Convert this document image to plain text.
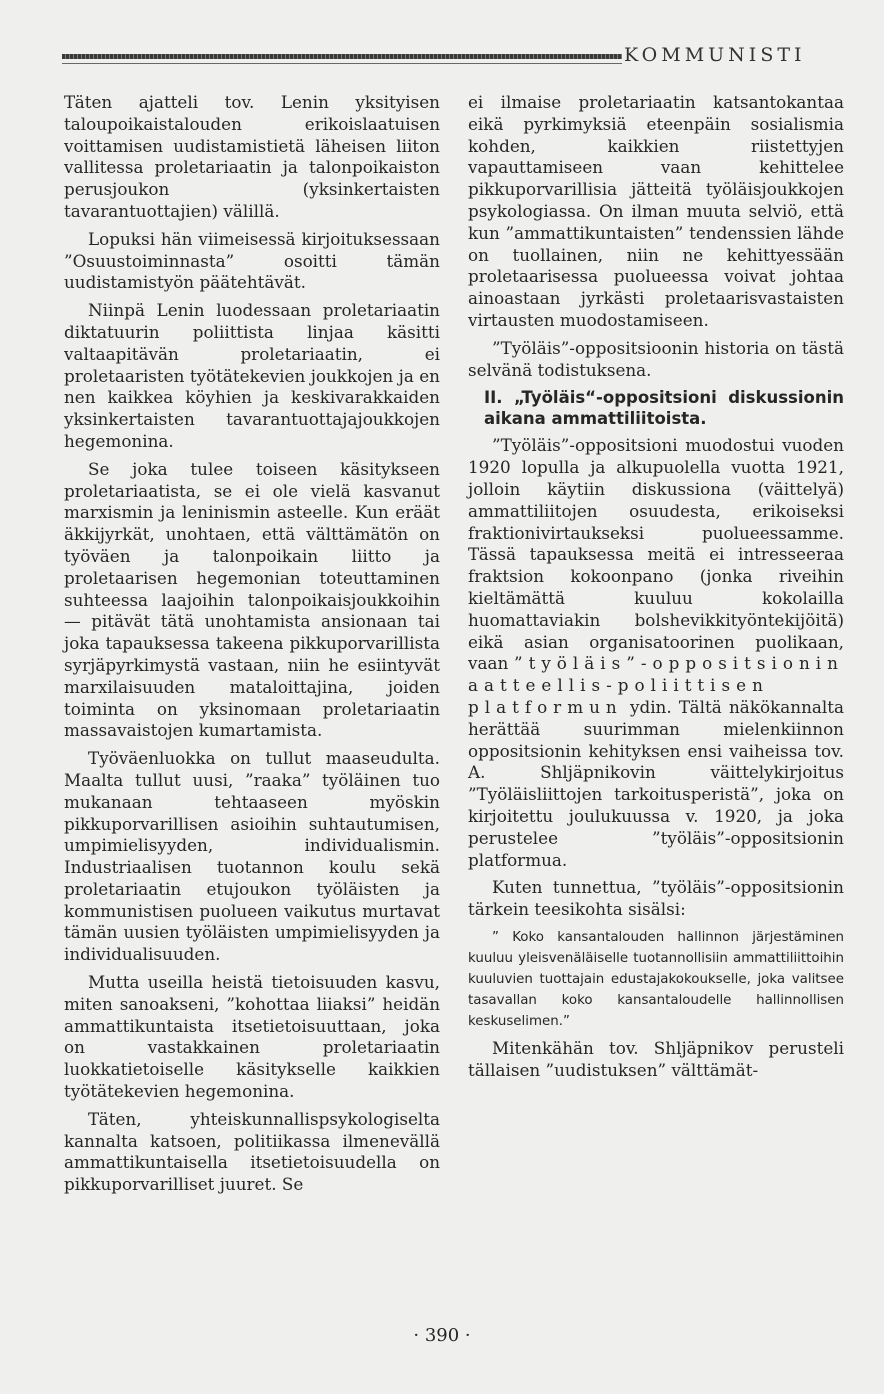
KOMMUNISTI

Täten ajatteli tov. Lenin yksityisen taloupoikaistalouden erikoislaatuisen voittamisen uudistamistietä läheisen liiton vallitessa proletariaatin ja talonpoikaiston perusjoukon (yksinkertaisten tavarantuottajien) välillä.

Lopuksi hän viimeisessä kirjoituksessaan ”Osuustoiminnasta” osoitti tämän uudistamistyön päätehtävät.

Niinpä Lenin luodessaan proletariaatin diktatuurin poliittista linjaa käsitti valtaapitävän proletariaatin, ei proletaaristen työtätekevien joukkojen ja en nen kaikkea köyhien ja keskivarakkaiden yksinkertaisten tavarantuottajajoukkojen hegemonina.

Se joka tulee toiseen käsitykseen proletariaatista, se ei ole vielä kasvanut marxismin ja leninismin asteelle. Kun eräät äkkijyrkät, unohtaen, että välttämätön on työväen ja talonpoikain liitto ja proletaarisen hegemonian toteuttaminen suhteessa laajoihin talonpoikaisjoukkoihin — pitävät tätä unohtamista ansionaan tai joka tapauksessa takeena pikkuporvarillista syrjäpyrkimystä vastaan, niin he esiintyvät marxilaisuuden mataloittajina, joiden toiminta on yksinomaan proletariaatin massavaistojen kumartamista.

Työväenluokka on tullut maaseudulta. Maalta tullut uusi, ”raaka” työläinen tuo mukanaan tehtaaseen myöskin pikkuporvarillisen asioihin suhtautumisen, umpimielisyyden, individualismin. Industriaalisen tuotannon koulu sekä proletariaatin etujoukon työläisten ja kommunistisen puolueen vaikutus murtavat tämän uusien työläisten umpimielisyyden ja individualisuuden.

Mutta useilla heistä tietoisuuden kasvu, miten sanoakseni, ”kohottaa liiaksi” heidän ammattikuntaista itsetietoisuuttaan, joka on vastakkainen proletariaatin luokkatietoiselle käsitykselle kaikkien työtätekevien hegemonina.

Täten, yhteiskunnallispsykologiselta kannalta katsoen, politiikassa ilmenevällä ammattikuntaisella itsetietoisuudella on pikkuporvarilliset juuret. Se

ei ilmaise proletariaatin katsantokantaa eikä pyrkimyksiä eteenpäin sosialismia kohden, kaikkien riistettyjen vapauttamiseen vaan kehittelee pikkuporvarillisia jätteitä työläisjoukkojen psykologiassa. On ilman muuta selviö, että kun ”ammattikuntaisten” tendenssien lähde on tuollainen, niin ne kehittyessään proletaarisessa puolueessa voivat johtaa ainoastaan jyrkästi proletaarisvastaisten virtausten muodostamiseen.

”Työläis”-oppositsioonin historia on tästä selvänä todistuksena.

II. „Työläis“-oppositsioni diskussionin aikana ammattiliitoista.

”Työläis”-oppositsioni muodostui vuoden 1920 lopulla ja alkupuolella vuotta 1921, jolloin käytiin diskussiona (väittelyä) ammattiliitojen osuudesta, erikoiseksi fraktionivirtaukseksi puolueessamme. Tässä tapauksessa meitä ei intresseeraa fraktsion kokoonpano (jonka riveihin kieltämättä kuuluu kokolailla huomattaviakin bolshevikkityöntekijöitä) eikä asian organisatoorinen puolikaan, vaan ”työläis”-oppositsionin aatteellis-poliittisen platformun ydin. Tältä näkökannalta herättää suurimman mielenkiinnon oppositsionin kehityksen ensi vaiheissa tov. A. Shljäpnikovin väittelykirjoitus ”Työläisliittojen tarkoitusperistä”, joka on kirjoitettu joulukuussa v. 1920, ja joka perustelee ”työläis”-oppositsionin platformua.

Kuten tunnettua, ”työläis”-oppositsionin tärkein teesikohta sisälsi:

” Koko kansantalouden hallinnon järjestäminen kuuluu yleisvenäläiselle tuotannollisiin ammattiliittoihin kuuluvien tuottajain edustajakokoukselle, joka valitsee tasavallan koko kansantaloudelle hallinnollisen keskuselimen.”

Mitenkähän tov. Shljäpnikov perusteli tällaisen ”uudistuksen” välttämät-

· 390 ·
